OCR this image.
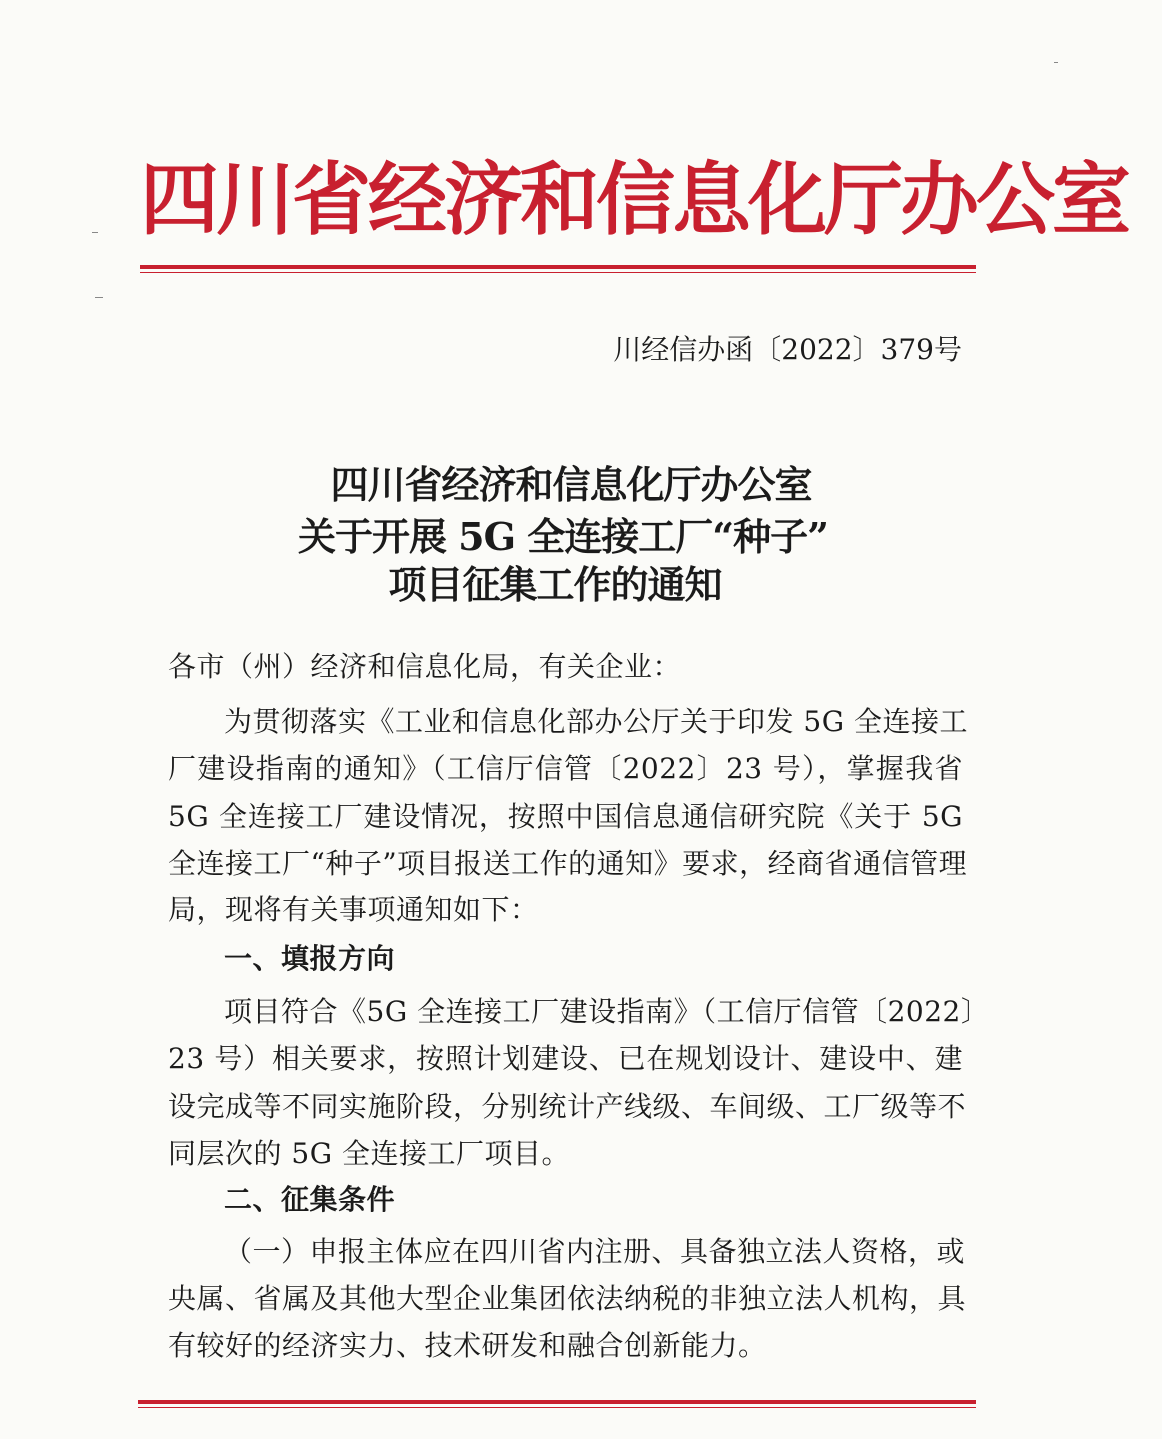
四川省经济和信息化厅办公室
川经信办函〔2022〕379号
四川省经济和信息化厅办公室
关于开展 5G 全连接工厂“种子”
项目征集工作的通知
各市（州）经济和信息化局，有关企业：
为贯彻落实《工业和信息化部办公厅关于印发 5G 全连接工
厂建设指南的通知》（工信厅信管〔2022〕23 号），掌握我省
5G 全连接工厂建设情况，按照中国信息通信研究院《关于 5G
全连接工厂“种子”项目报送工作的通知》要求，经商省通信管理
局，现将有关事项通知如下：
一、填报方向
项目符合《5G 全连接工厂建设指南》（工信厅信管〔2022〕
23 号）相关要求，按照计划建设、已在规划设计、建设中、建
设完成等不同实施阶段，分别统计产线级、车间级、工厂级等不
同层次的 5G 全连接工厂项目。
二、征集条件
（一）申报主体应在四川省内注册、具备独立法人资格，或
央属、省属及其他大型企业集团依法纳税的非独立法人机构，具
有较好的经济实力、技术研发和融合创新能力。
